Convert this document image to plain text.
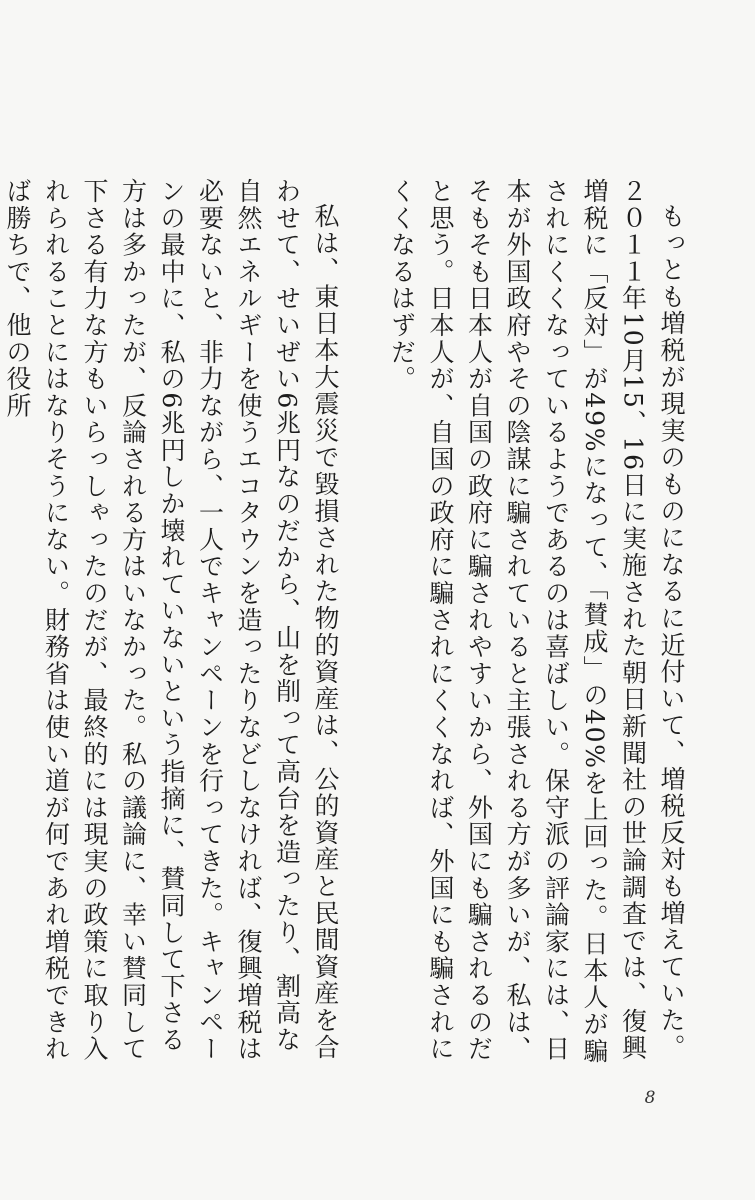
もっとも増税が現実のものになるに近付いて、増税反対も増えていた。２０１１年10月15、16日に実施された朝日新聞社の世論調査では、復興増税に「反対」が49%になって、「賛成」の40%を上回った。日本人が騙されにくくなっているようであるのは喜ばしい。保守派の評論家には、日本が外国政府やその陰謀に騙されていると主張される方が多いが、私は、そもそも日本人が自国の政府に騙されやすいから、外国にも騙されるのだと思う。日本人が、自国の政府に騙されにくくなれば、外国にも騙されにくくなるはずだ。

私は、東日本大震災で毀損された物的資産は、公的資産と民間資産を合わせて、せいぜい6兆円なのだから、山を削って高台を造ったり、割高な自然エネルギーを使うエコタウンを造ったりなどしなければ、復興増税は必要ないと、非力ながら、一人でキャンペーンを行ってきた。キャンペーンの最中に、私の6兆円しか壊れていないという指摘に、賛同して下さる方は多かったが、反論される方はいなかった。私の議論に、幸い賛同して下さる有力な方もいらっしゃったのだが、最終的には現実の政策に取り入れられることにはなりそうにない。財務省は使い道が何であれ増税できれば勝ちで、他の役所

8
